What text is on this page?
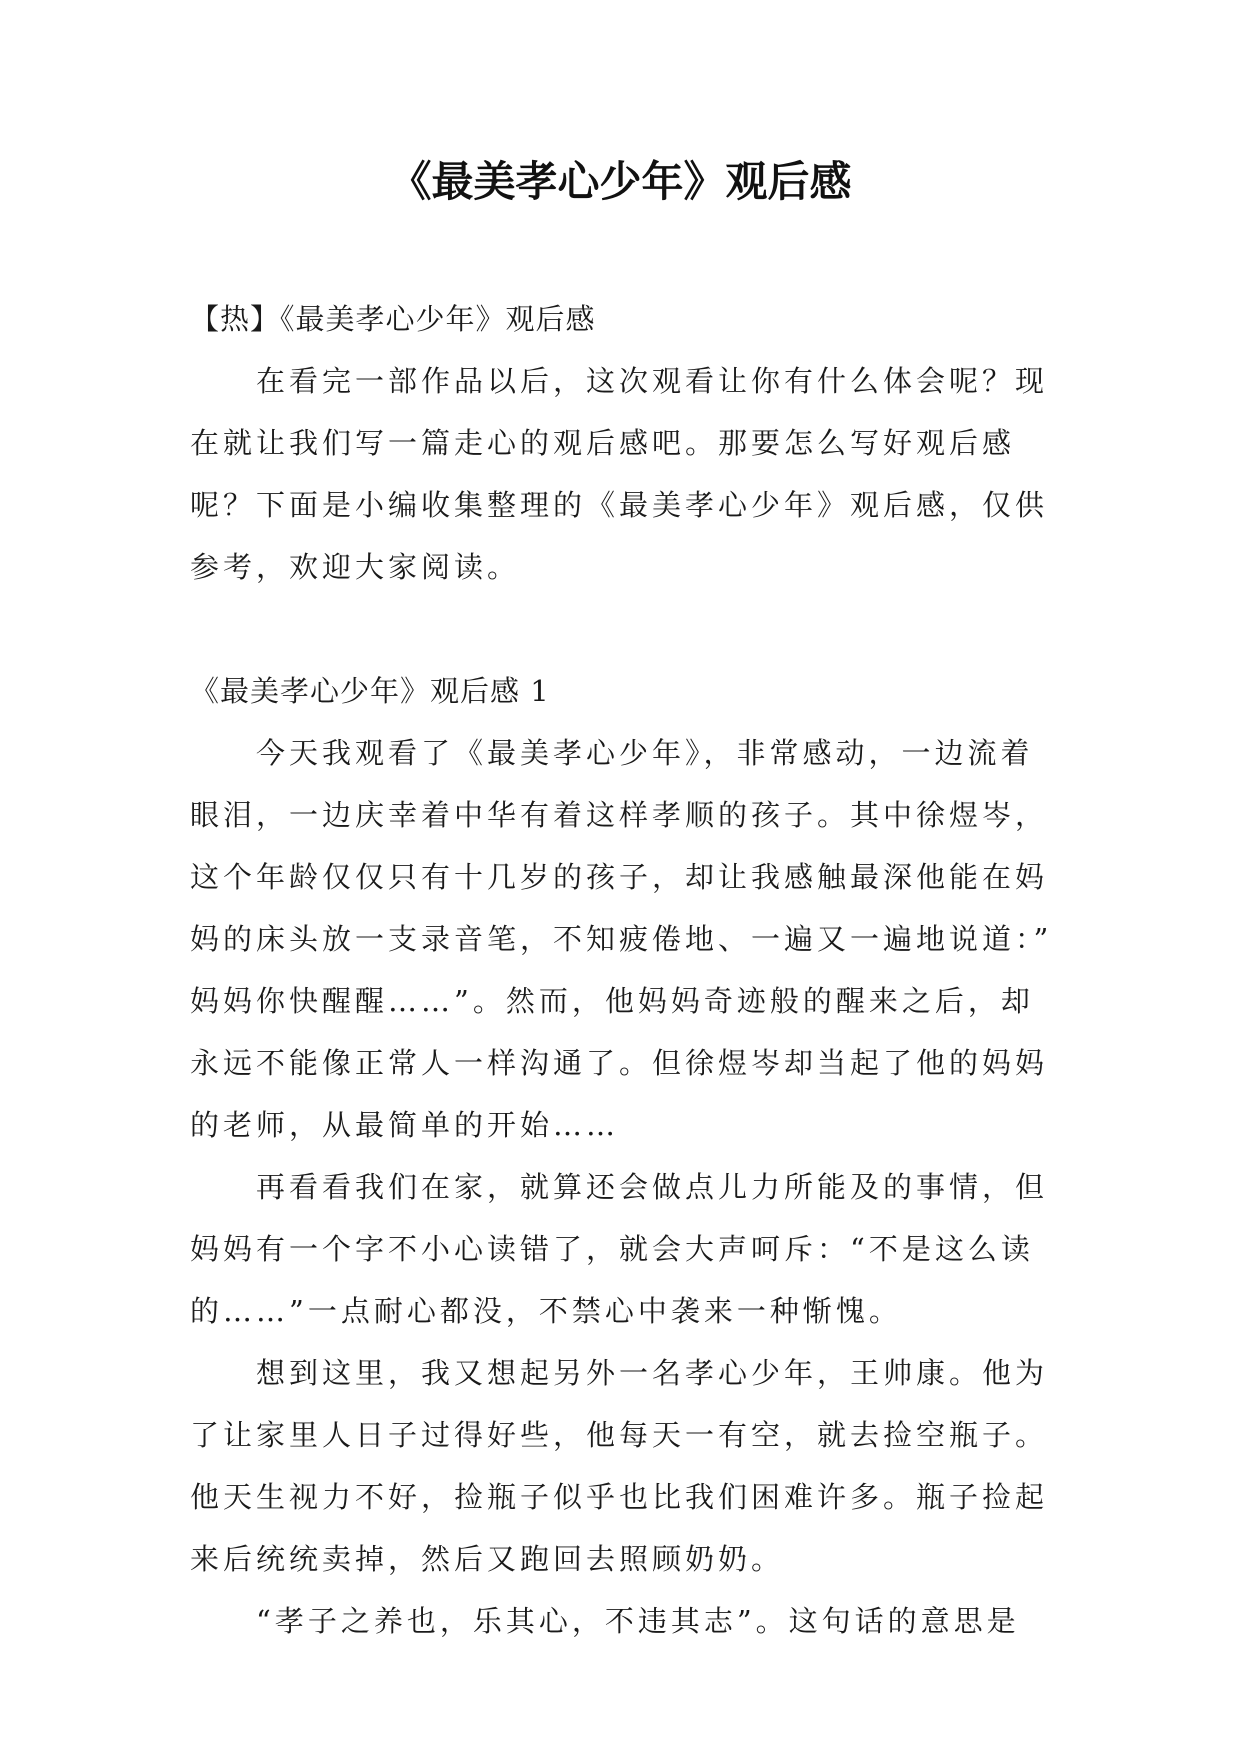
《最美孝心少年》观后感
【热】《最美孝心少年》观后感
在看完一部作品以后，这次观看让你有什么体会呢？现
在就让我们写一篇走心的观后感吧。那要怎么写好观后感
呢？下面是小编收集整理的《最美孝心少年》观后感，仅供
参考，欢迎大家阅读。
《最美孝心少年》观后感 1
今天我观看了《最美孝心少年》，非常感动，一边流着
眼泪，一边庆幸着中华有着这样孝顺的孩子。其中徐煜岑，
这个年龄仅仅只有十几岁的孩子，却让我感触最深他能在妈
妈的床头放一支录音笔，不知疲倦地、一遍又一遍地说道：”
妈妈你快醒醒……”。然而，他妈妈奇迹般的醒来之后，却
永远不能像正常人一样沟通了。但徐煜岑却当起了他的妈妈
的老师，从最简单的开始……
再看看我们在家，就算还会做点儿力所能及的事情，但
妈妈有一个字不小心读错了，就会大声呵斥：“不是这么读
的……”一点耐心都没，不禁心中袭来一种惭愧。
想到这里，我又想起另外一名孝心少年，王帅康。他为
了让家里人日子过得好些，他每天一有空，就去捡空瓶子。
他天生视力不好，捡瓶子似乎也比我们困难许多。瓶子捡起
来后统统卖掉，然后又跑回去照顾奶奶。
“孝子之养也，乐其心，不违其志”。这句话的意思是
